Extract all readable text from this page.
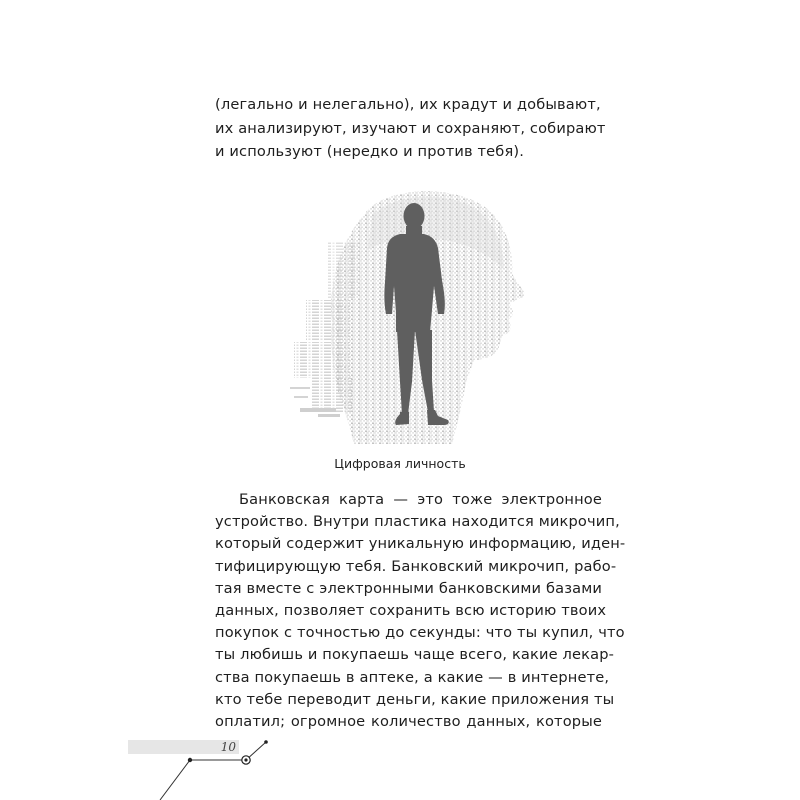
(легально и нелегально), их крадут и добывают,
их анализируют, изучают и сохраняют, собирают
и используют (нередко и против тебя).
Цифровая личность
Банковская карта — это тоже электронное
устройство. Внутри пластика находится микрочип,
который содержит уникальную информацию, иден-
тифицирующую тебя. Банковский микрочип, рабо-
тая вместе с электронными банковскими базами
данных, позволяет сохранить всю историю твоих
покупок с точностью до секунды: что ты купил, что
ты любишь и покупаешь чаще всего, какие лекар-
ства покупаешь в аптеке, а какие — в интернете,
кто тебе переводит деньги, какие приложения ты
оплатил; огромное количество данных, которые
10
